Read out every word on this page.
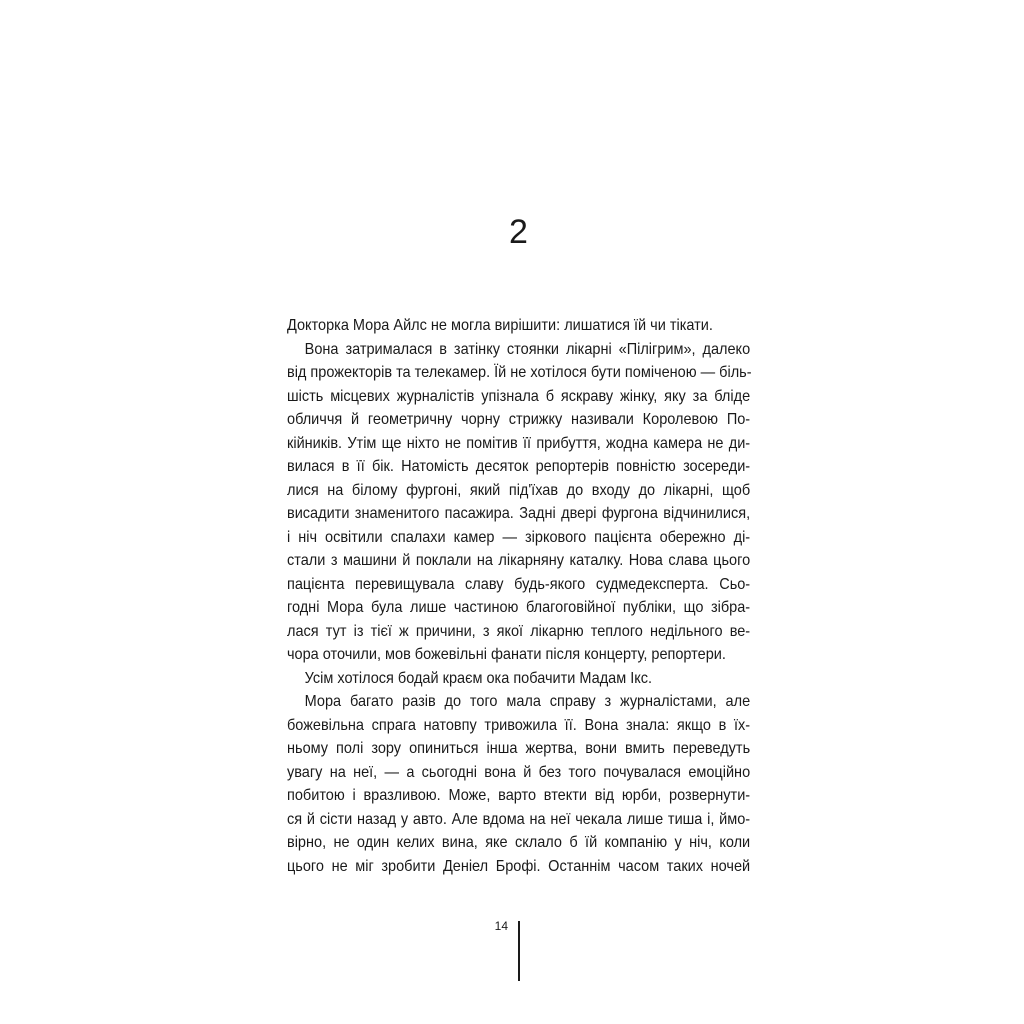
2
Докторка Мора Айлс не могла вирішити: лишатися їй чи тікати.
Вона затрималася в затінку стоянки лікарні «Пілігрим», далеко
від прожекторів та телекамер. Їй не хотілося бути поміченою — біль-
шість місцевих журналістів упізнала б яскраву жінку, яку за бліде
обличчя й геометричну чорну стрижку називали Королевою По-
кійників. Утім ще ніхто не помітив її прибуття, жодна камера не ди-
вилася в її бік. Натомість десяток репортерів повністю зосереди-
лися на білому фургоні, який під'їхав до входу до лікарні, щоб
висадити знаменитого пасажира. Задні двері фургона відчинилися,
і ніч освітили спалахи камер — зіркового пацієнта обережно ді-
стали з машини й поклали на лікарняну каталку. Нова слава цього
пацієнта перевищувала славу будь-якого судмедексперта. Сьо-
годні Мора була лише частиною благоговійної публіки, що зібра-
лася тут із тієї ж причини, з якої лікарню теплого недільного ве-
чора оточили, мов божевільні фанати після концерту, репортери.
Усім хотілося бодай краєм ока побачити Мадам Ікс.
Мора багато разів до того мала справу з журналістами, але
божевільна спрага натовпу тривожила її. Вона знала: якщо в їх-
ньому полі зору опиниться інша жертва, вони вмить переведуть
увагу на неї, — а сьогодні вона й без того почувалася емоційно
побитою і вразливою. Може, варто втекти від юрби, розвернути-
ся й сісти назад у авто. Але вдома на неї чекала лише тиша і, ймо-
вірно, не один келих вина, яке склало б їй компанію у ніч, коли
цього не міг зробити Деніел Брофі. Останнім часом таких ночей
14
